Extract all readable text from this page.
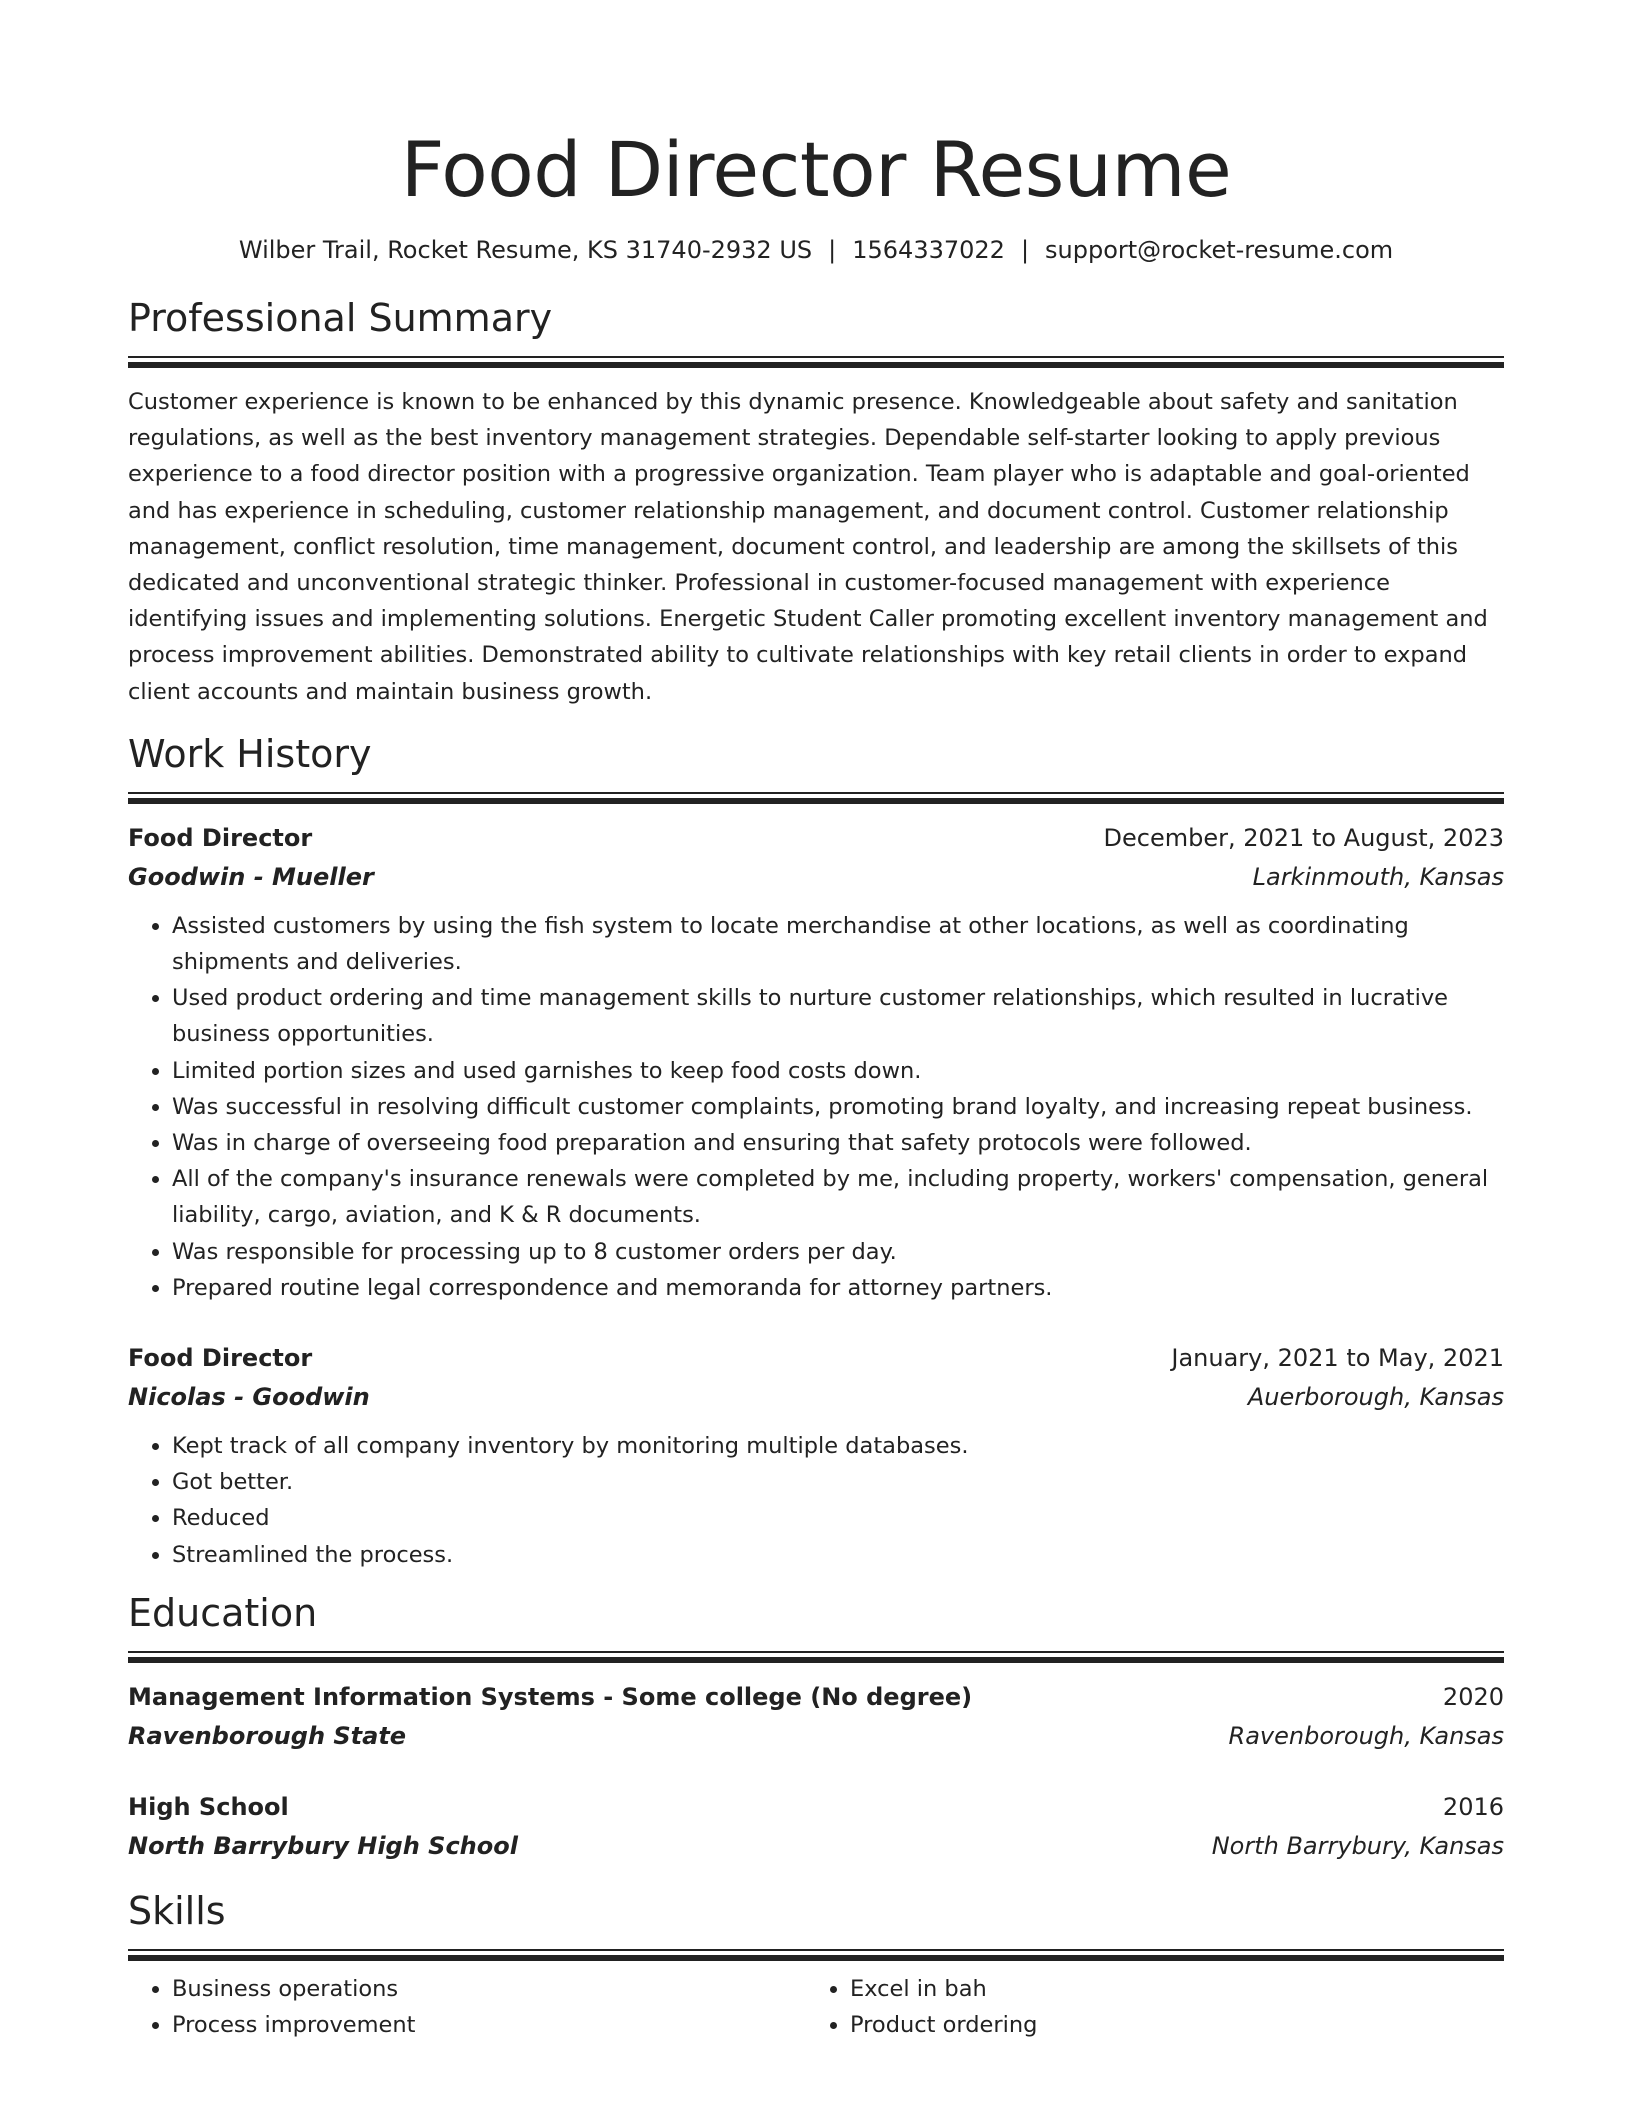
Food Director Resume
Wilber Trail, Rocket Resume, KS 31740-2932 US | 1564337022 | support@rocket-resume.com
Professional Summary
Customer experience is known to be enhanced by this dynamic presence. Knowledgeable about safety and sanitation regulations, as well as the best inventory management strategies. Dependable self-starter looking to apply previous experience to a food director position with a progressive organization. Team player who is adaptable and goal-oriented and has experience in scheduling, customer relationship management, and document control. Customer relationship management, conflict resolution, time management, document control, and leadership are among the skillsets of this dedicated and unconventional strategic thinker. Professional in customer-focused management with experience identifying issues and implementing solutions. Energetic Student Caller promoting excellent inventory management and process improvement abilities. Demonstrated ability to cultivate relationships with key retail clients in order to expand client accounts and maintain business growth.
Work History
Food Director	December, 2021 to August, 2023
Goodwin - Mueller	Larkinmouth, Kansas
• Assisted customers by using the fish system to locate merchandise at other locations, as well as coordinating shipments and deliveries.
• Used product ordering and time management skills to nurture customer relationships, which resulted in lucrative business opportunities.
• Limited portion sizes and used garnishes to keep food costs down.
• Was successful in resolving difficult customer complaints, promoting brand loyalty, and increasing repeat business.
• Was in charge of overseeing food preparation and ensuring that safety protocols were followed.
• All of the company's insurance renewals were completed by me, including property, workers' compensation, general liability, cargo, aviation, and K & R documents.
• Was responsible for processing up to 8 customer orders per day.
• Prepared routine legal correspondence and memoranda for attorney partners.
Food Director	January, 2021 to May, 2021
Nicolas - Goodwin	Auerborough, Kansas
• Kept track of all company inventory by monitoring multiple databases.
• Got better.
• Reduced
• Streamlined the process.
Education
Management Information Systems - Some college (No degree)	2020
Ravenborough State	Ravenborough, Kansas
High School	2016
North Barrybury High School	North Barrybury, Kansas
Skills
• Business operations
• Process improvement
• Excel in bah
• Product ordering
